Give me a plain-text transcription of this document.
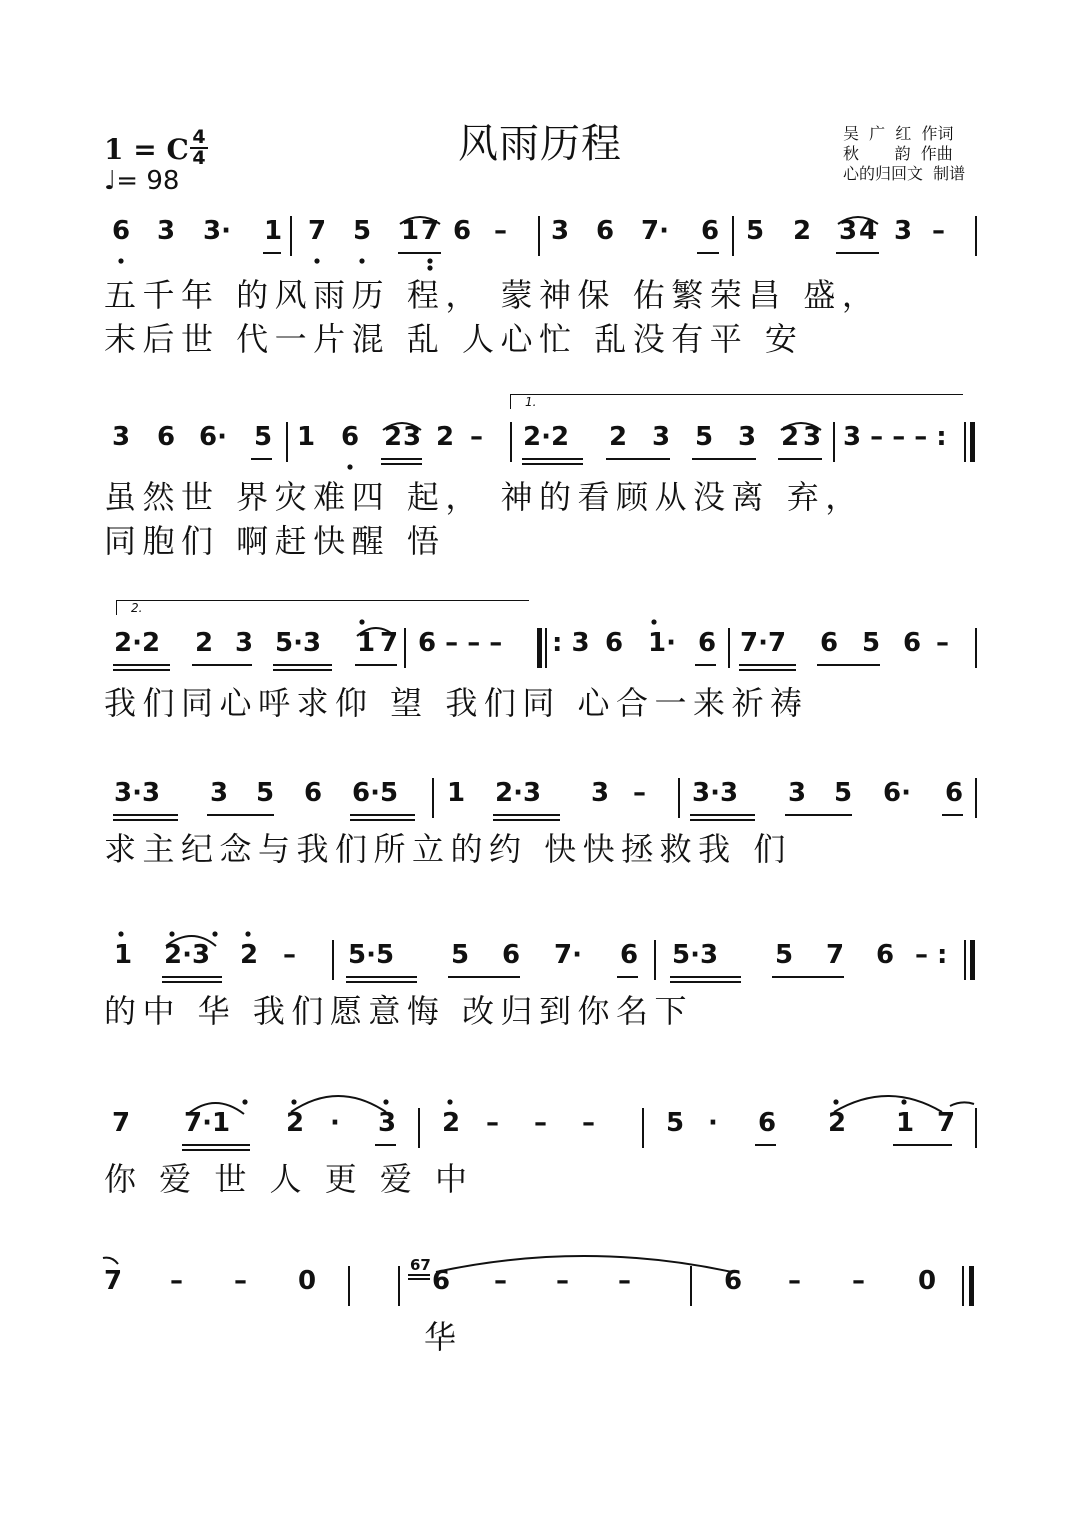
风雨历程
1 = C 4
4
♩= 98
吴  广  红  作词
秋       韵  作曲
心的归回文  制谱
6 3 3· 1 7 5 1 7 6 – 3 6 7· 6 5 2 3 4 3 –
五千年 的风雨历 程， 蒙神保 佑繁荣昌 盛，
末后世 代一片混 乱 人心忙 乱没有平 安
1.
3 6 6· 5 1 6 2 3 2 – 2·2 2 3 5 3 2 3 3 – – – :
虽然世 界灾难四 起， 神的看顾从没离 弃，
同胞们 啊赶快醒 悟
2.
2·2 2 3 5·3 1 7 6 – – – : 3 6 1· 6 7·7 6 5 6 –
我们同心呼求仰 望 我们同 心合一来祈祷
3·3 3 5 6 6·5 1 2·3 3 – 3·3 3 5 6· 6
求主纪念与我们所立的约 快快拯救我 们
1 2·3 2 – 5·5 5 6 7· 6 5·3 5 7 6 – :
的中 华 我们愿意悔 改归到你名下
7 7·1 2 · 3 2 – – –	5 · 6 2 1 7
你 爱 世 人 更 爱 中
7 – – 0	6 – – –	6 – – 0
67
华
